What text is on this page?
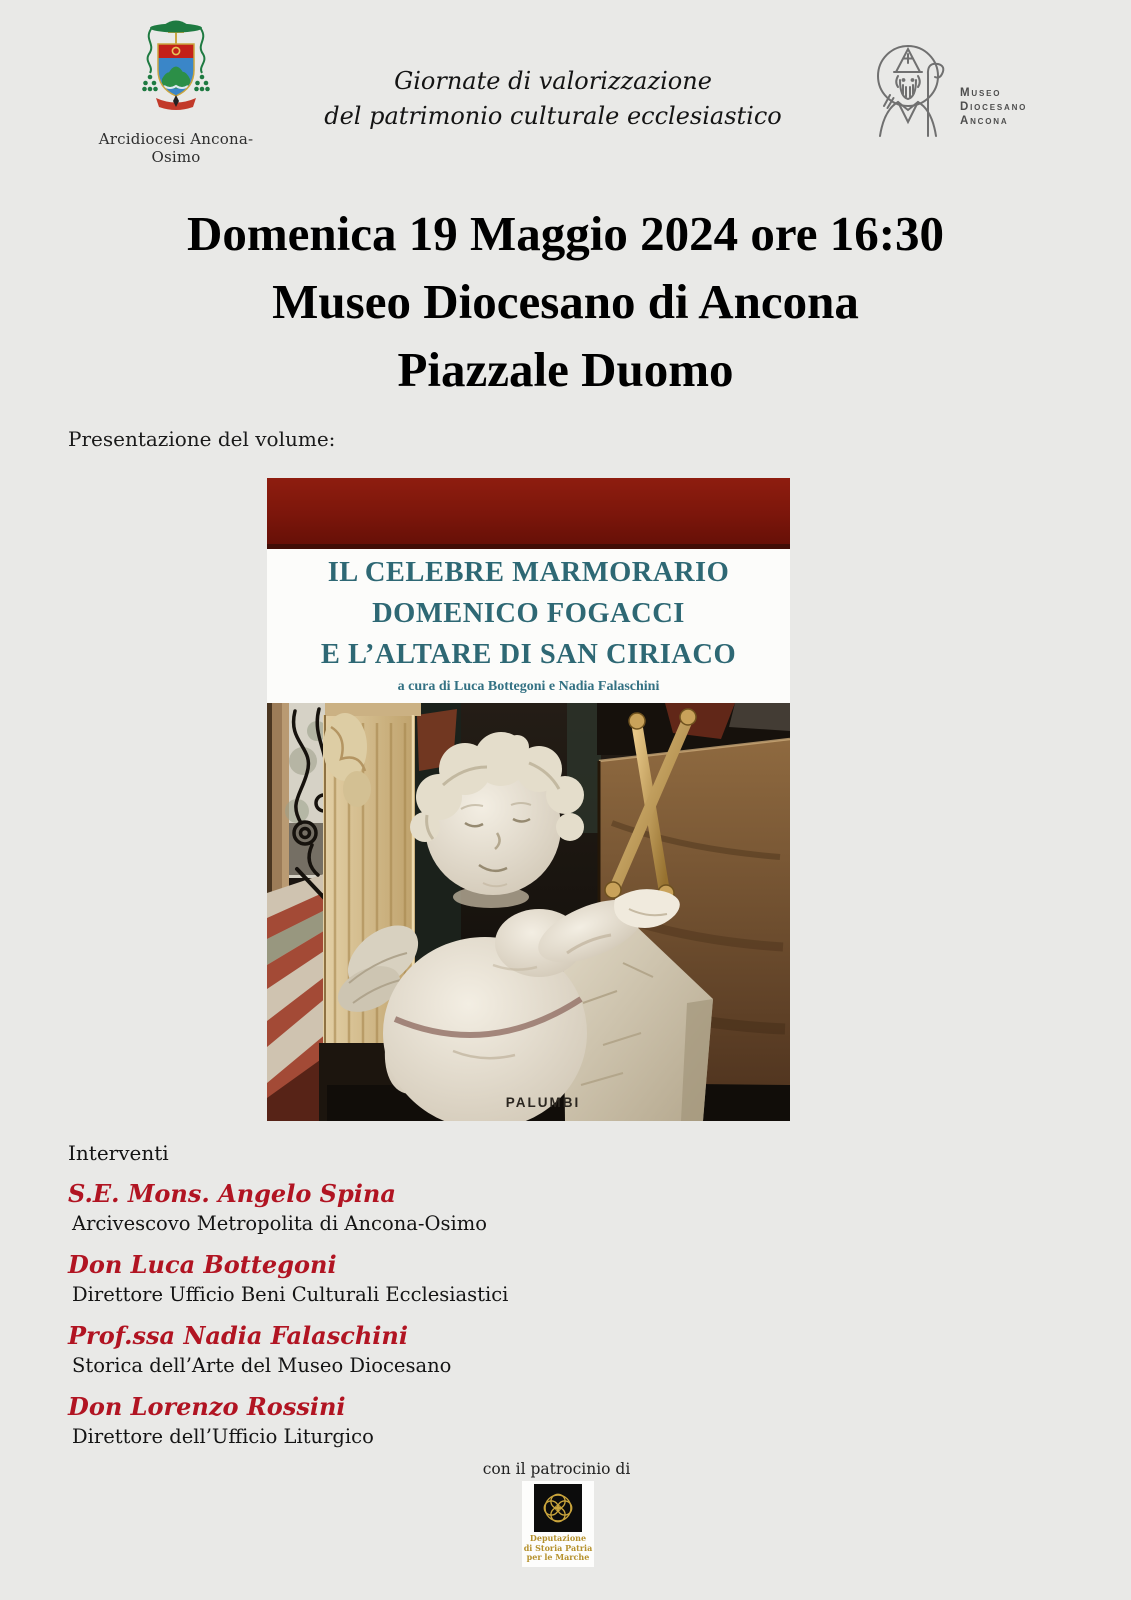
Arcidiocesi Ancona-Osimo
Giornate di valorizzazione
del patrimonio culturale ecclesiastico
Museo
Diocesano
Ancona
Domenica 19 Maggio 2024 ore 16:30
Museo Diocesano di Ancona
Piazzale Duomo
Presentazione del volume:
IL CELEBRE MARMORARIO
DOMENICO FOGACCI
E L’ALTARE DI SAN CIRIACO
a cura di Luca Bottegoni e Nadia Falaschini
PALUMBI
Interventi
S.E. Mons. Angelo Spina
Arcivescovo Metropolita di Ancona-Osimo
Don Luca Bottegoni
Direttore Ufficio Beni Culturali Ecclesiastici
Prof.ssa Nadia Falaschini
Storica dell’Arte del Museo Diocesano
Don Lorenzo Rossini
Direttore dell’Ufficio Liturgico
con il patrocinio di
Deputazione
di Storia Patria
per le Marche
